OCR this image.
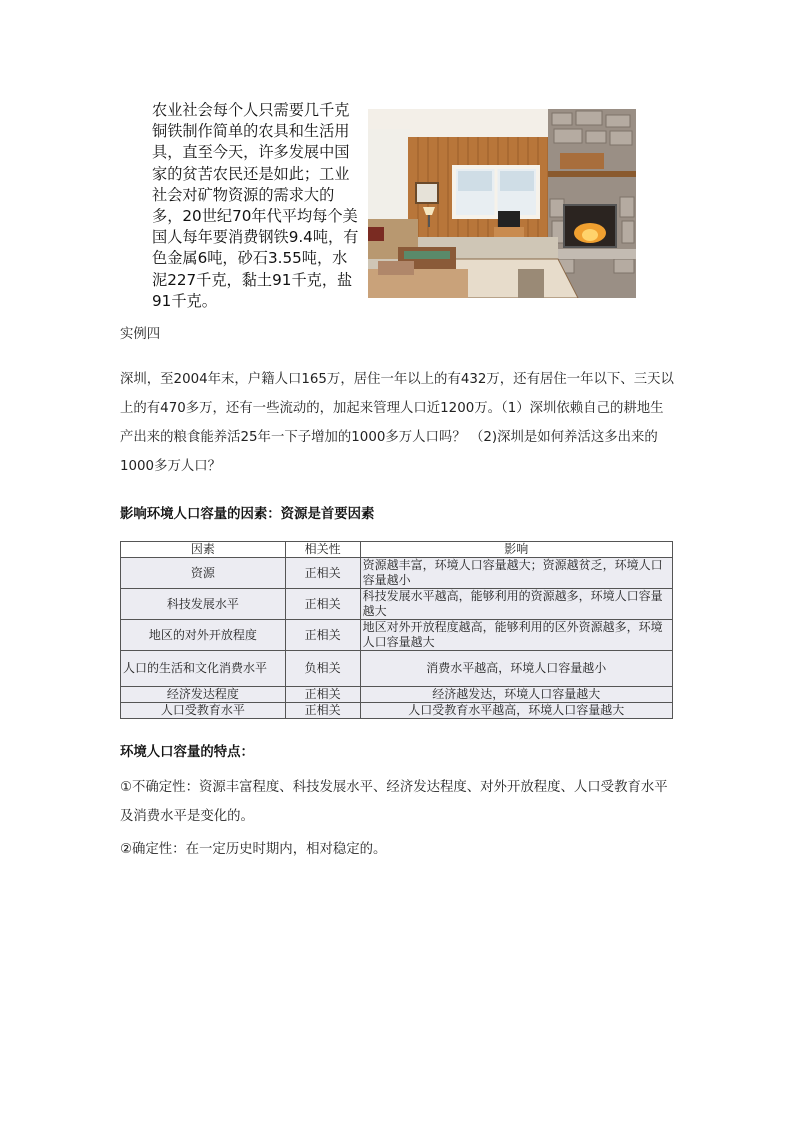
农业社会每个人只需要几千克铜铁制作简单的农具和生活用具，直至今天，许多发展中国家的贫苦农民还是如此；工业社会对矿物资源的需求大的多，20世纪70年代平均每个美国人每年要消费钢铁9.4吨，有色金属6吨，砂石3.55吨，水泥227千克，黏土91千克，盐91千克。
实例四
深圳，至2004年末，户籍人口165万，居住一年以上的有432万，还有居住一年以下、三天以上的有470多万，还有一些流动的，加起来管理人口近1200万。（1）深圳依赖自己的耕地生产出来的粮食能养活25年一下子增加的1000多万人口吗？ （2)深圳是如何养活这多出来的1000多万人口？
影响环境人口容量的因素：资源是首要因素
因素	相关性	影响
资源	正相关	资源越丰富，环境人口容量越大；资源越贫乏，环境人口容量越小
科技发展水平	正相关	科技发展水平越高，能够利用的资源越多，环境人口容量越大
地区的对外开放程度	正相关	地区对外开放程度越高，能够利用的区外资源越多，环境人口容量越大
人口的生活和文化消费水平	负相关	消费水平越高，环境人口容量越小
经济发达程度	正相关	经济越发达，环境人口容量越大
人口受教育水平	正相关	人口受教育水平越高，环境人口容量越大
环境人口容量的特点：
①不确定性：资源丰富程度、科技发展水平、经济发达程度、对外开放程度、人口受教育水平及消费水平是变化的。
②确定性：在一定历史时期内，相对稳定的。
